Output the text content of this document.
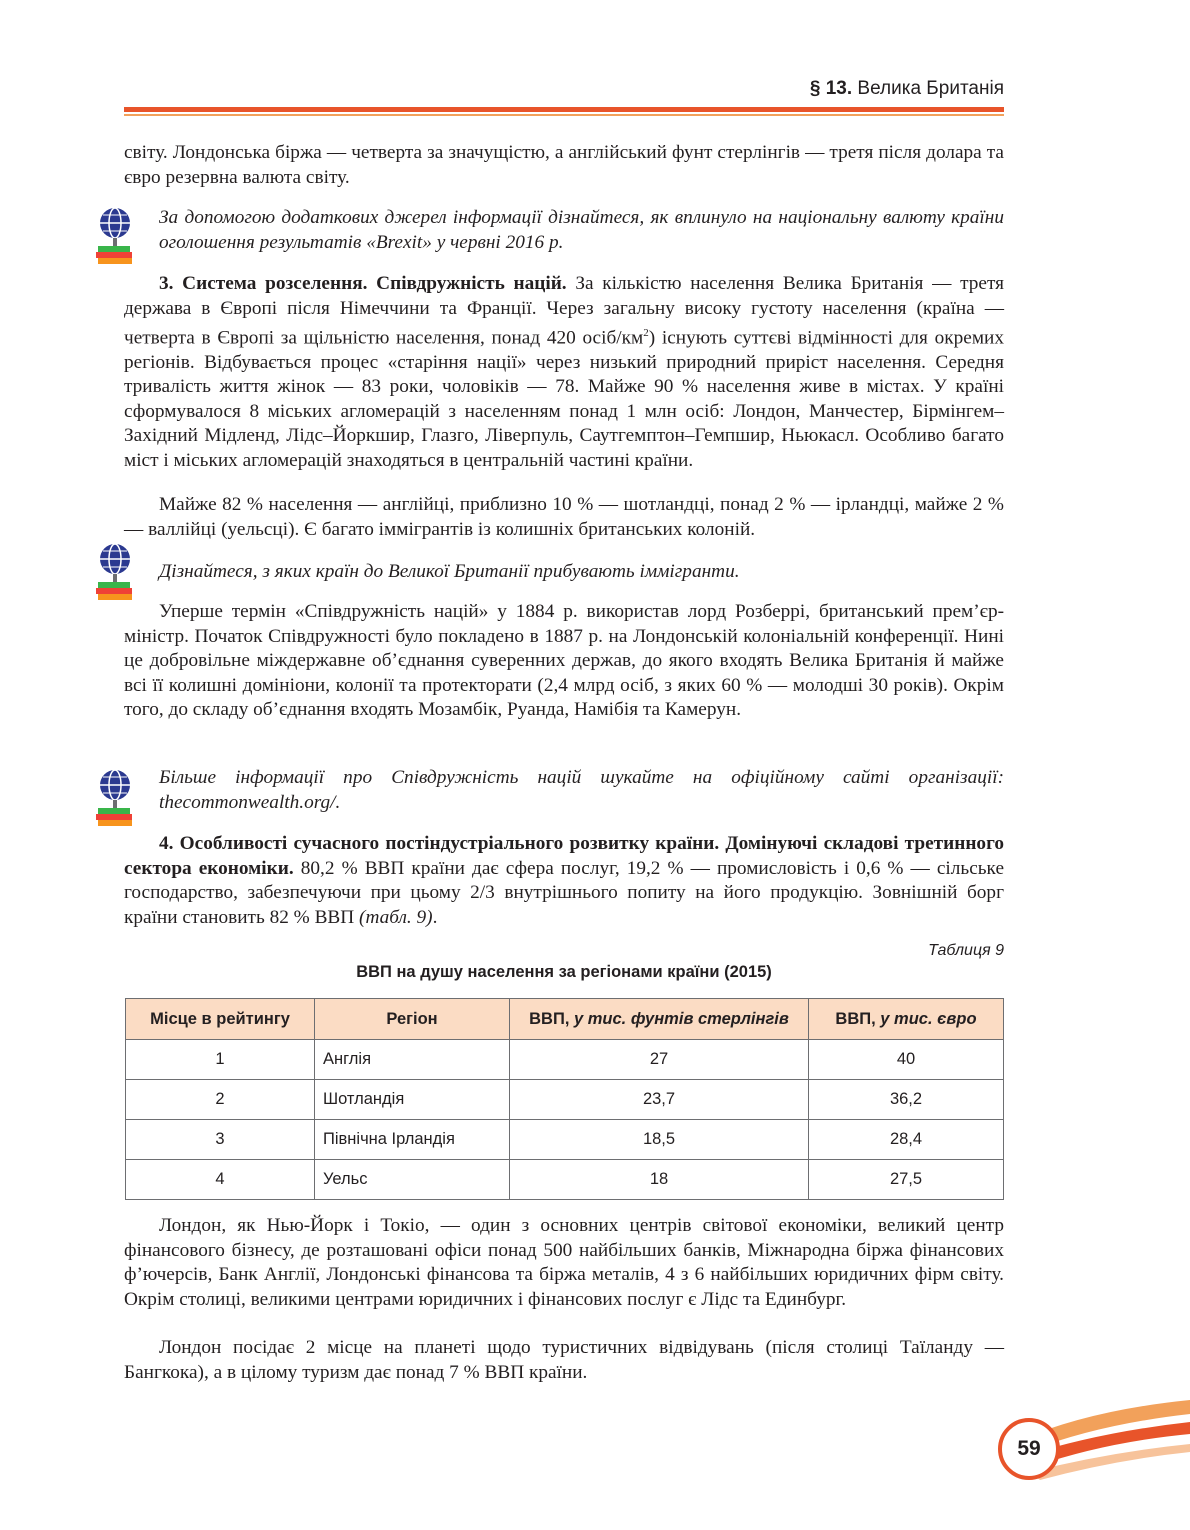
§ 13. Велика Британія

світу. Лондонська біржа — четверта за значущістю, а англійський фунт стерлінгів — третя після долара та євро резервна валюта світу.

За допомогою додаткових джерел інформації дізнайтеся, як вплинуло на національну валюту країни оголошення результатів «Brexit» у червні 2016 р.

3. Система розселення. Співдружність націй. За кількістю населення Велика Британія — третя держава в Європі після Німеччини та Франції. Через загальну високу густоту населення (країна — четверта в Європі за щільністю населення, понад 420 осіб/$км^2$) існують суттєві відмінності для окремих регіонів. Відбувається процес «старіння нації» через низький природний приріст населення. Середня тривалість життя жінок — 83 роки, чоловіків — 78. Майже 90 % населення живе в містах. У країні сформувалося 8 міських агломерацій з населенням понад 1 млн осіб: Лондон, Манчестер, Бірмінгем–Західний Мідленд, Лідс–Йоркшир, Глазго, Ліверпуль, Саутгемптон–Гемпшир, Ньюкасл. Особливо багато міст і міських агломерацій знаходяться в центральній частині країни.

Майже 82 % населення — англійці, приблизно 10 % — шотландці, понад 2 % — ірландці, майже 2 % — валлійці (уельсці). Є багато іммігрантів із колишніх британських колоній.

Дізнайтеся, з яких країн до Великої Британії прибувають іммігранти.

Уперше термін «Співдружність націй» у 1884 р. використав лорд Розберрі, британський прем’єр-міністр. Початок Співдружності було покладено в 1887 р. на Лондонській колоніальній конференції. Нині це добровільне міждержавне об’єднання суверенних держав, до якого входять Велика Британія й майже всі її колишні домініони, колонії та протекторати (2,4 млрд осіб, з яких 60 % — молодші 30 років). Окрім того, до складу об’єднання входять Мозамбік, Руанда, Намібія та Камерун.

Більше інформації про Співдружність націй шукайте на офіційному сайті організації: thecommonwealth.org/.

4. Особливості сучасного постіндустріального розвитку країни. Домінуючі складові третинного сектора економіки. 80,2 % ВВП країни дає сфера послуг, 19,2 % — промисловість і 0,6 % — сільське господарство, забезпечуючи при цьому 2/3 внутрішнього попиту на його продукцію. Зовнішній борг країни становить 82 % ВВП (табл. 9).

Таблиця 9
ВВП на душу населення за регіонами країни (2015)
Місце в рейтингу	Регіон	ВВП, у тис. фунтів стерлінгів	ВВП, у тис. євро
1	Англія	27	40
2	Шотландія	23,7	36,2
3	Північна Ірландія	18,5	28,4
4	Уельс	18	27,5

Лондон, як Нью-Йорк і Токіо, — один з основних центрів світової економіки, великий центр фінансового бізнесу, де розташовані офіси понад 500 найбільших банків, Міжнародна біржа фінансових ф’ючерсів, Банк Англії, Лондонські фінансова та біржа металів, 4 з 6 найбільших юридичних фірм світу. Окрім столиці, великими центрами юридичних і фінансових послуг є Лідс та Единбург.

Лондон посідає 2 місце на планеті щодо туристичних відвідувань (після столиці Таїланду — Бангкока), а в цілому туризм дає понад 7 % ВВП країни.

59
